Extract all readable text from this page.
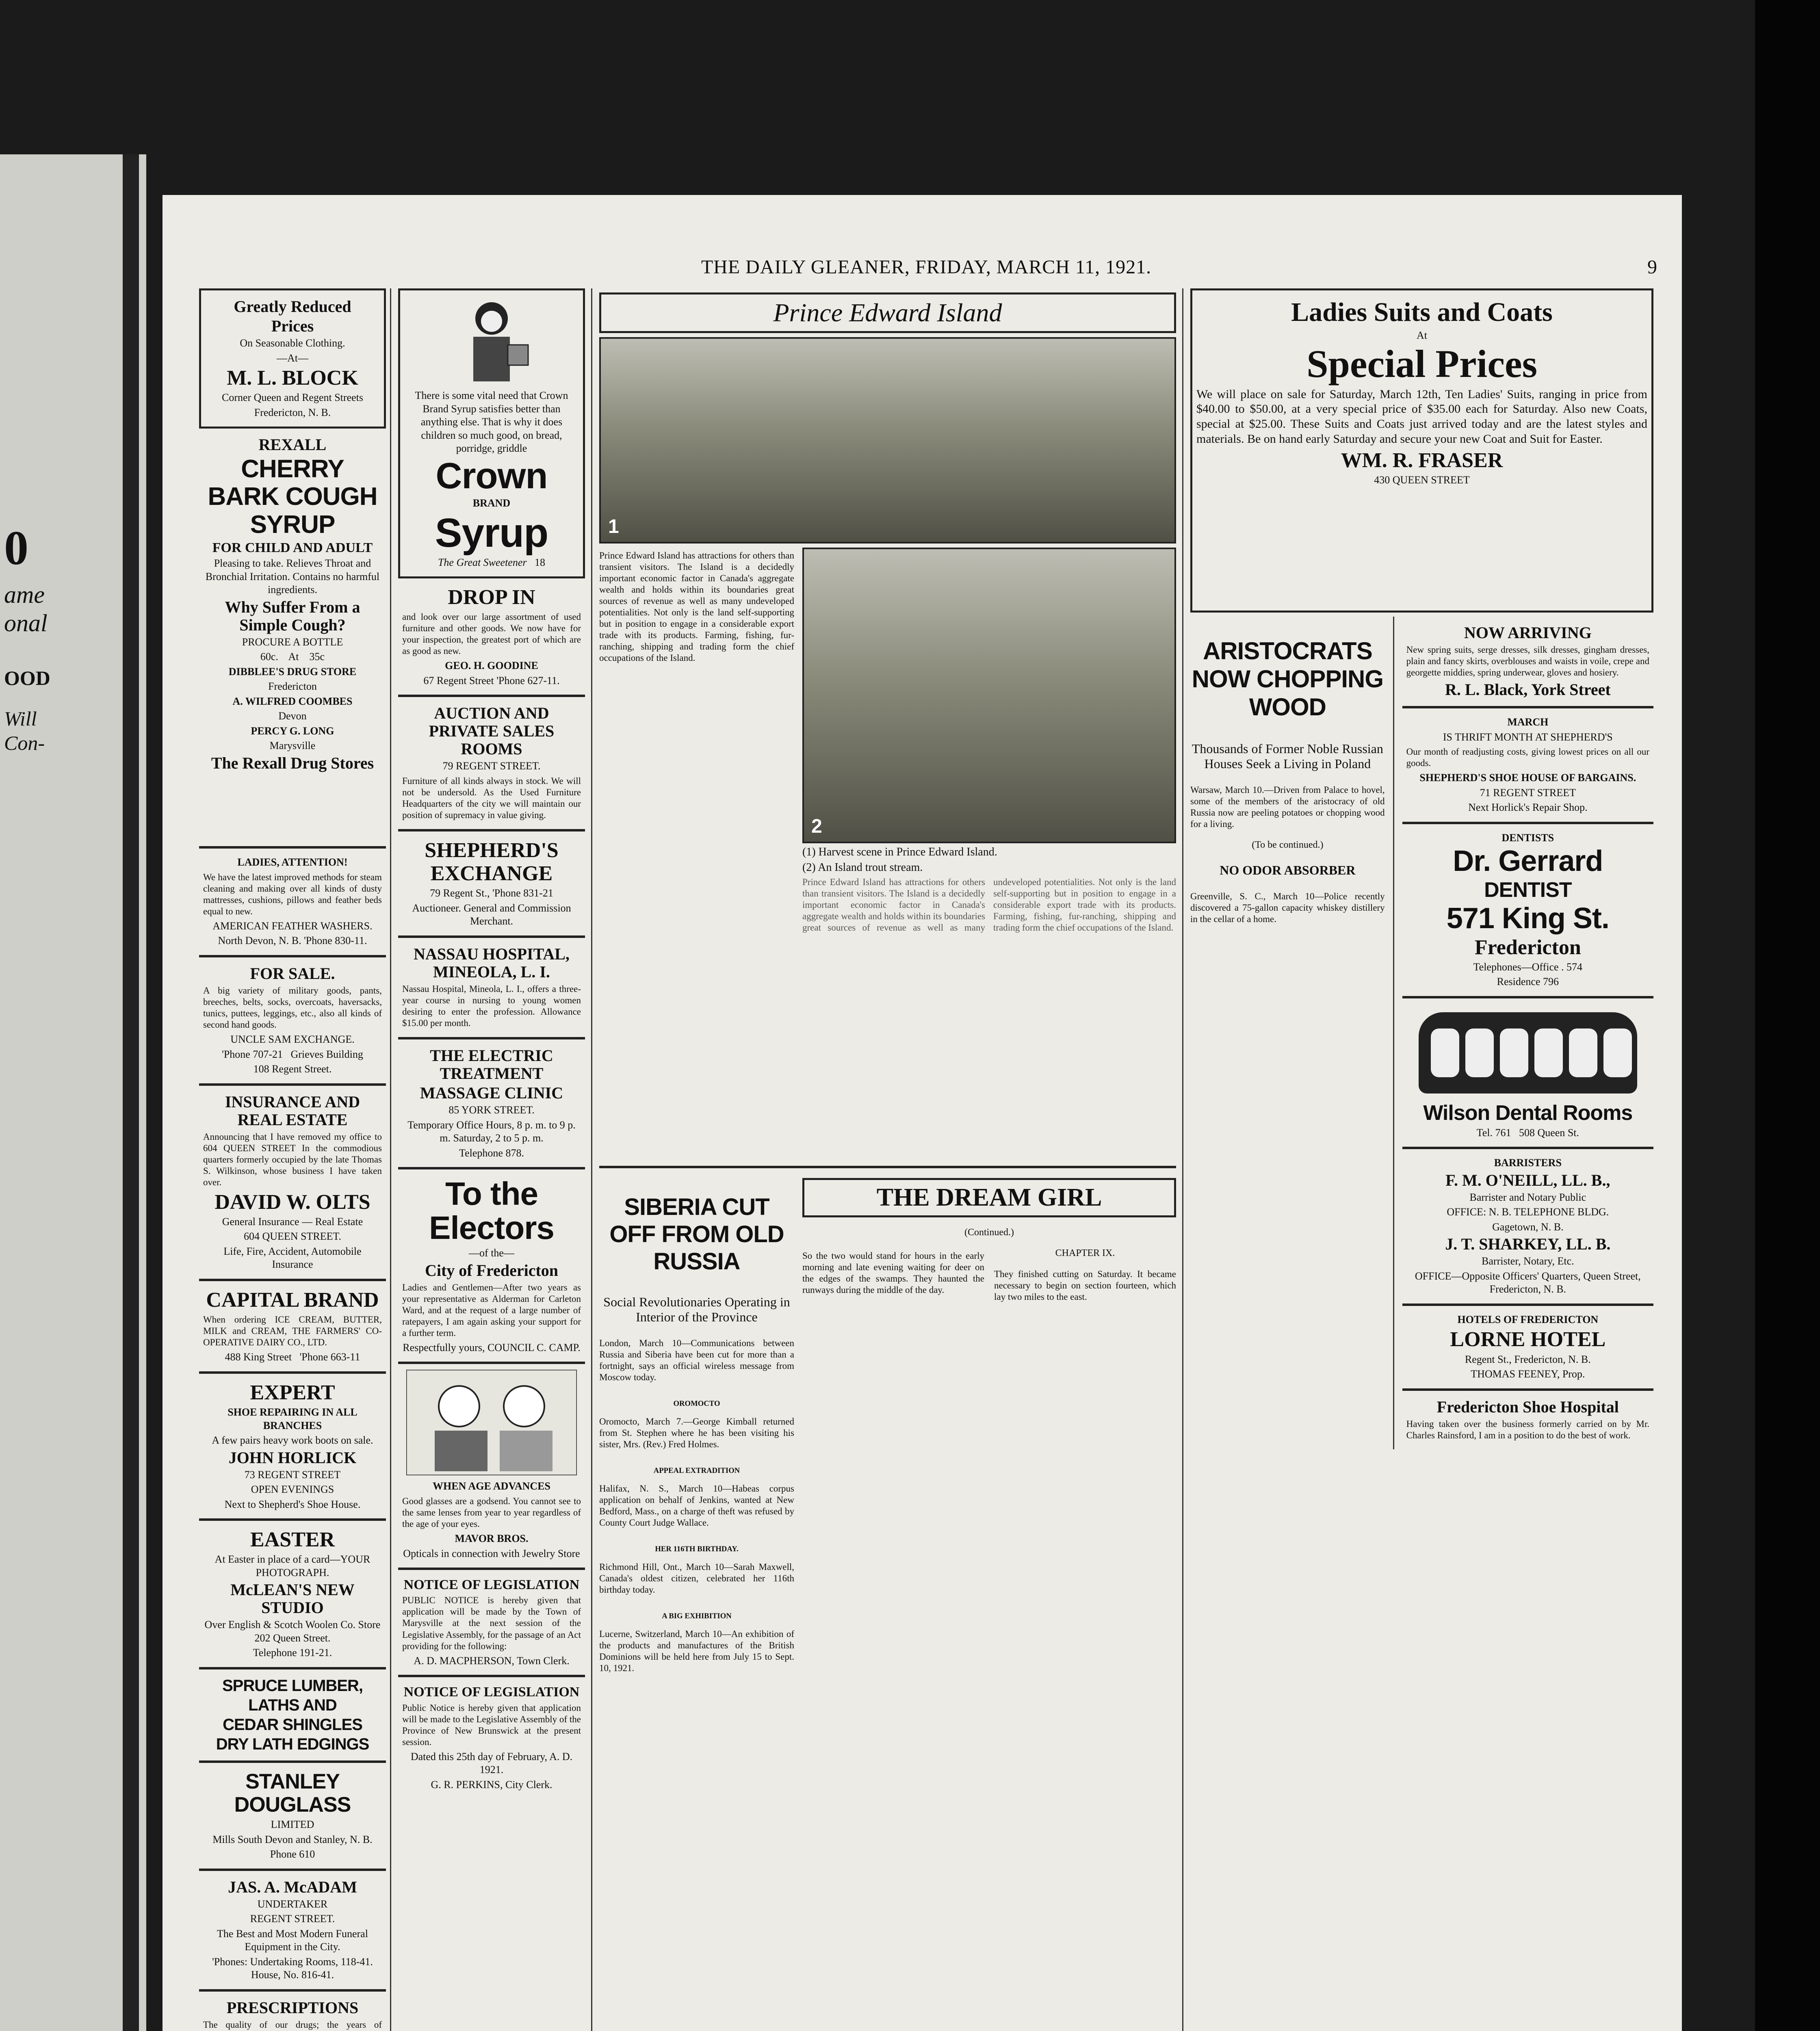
0
ame
onal
OOD
Will
Con-
THE DAILY GLEANER, FRIDAY, MARCH 11, 1921.	9
Greatly Reduced
Prices

On Seasonable Clothing.

—At—

M. L. BLOCK

Corner Queen and Regent Streets

Fredericton, N. B.

REXALL
CHERRY BARK COUGH SYRUP
FOR CHILD AND ADULT

Pleasing to take. Relieves Throat and Bronchial Irritation. Contains no harmful ingredients.

Why Suffer From a Simple Cough?

PROCURE A BOTTLE

60c. At 35c

DIBBLEE'S DRUG STORE

Fredericton

A. WILFRED COOMBES

Devon

PERCY G. LONG

Marysville

The Rexall Drug Stores

LADIES, ATTENTION!

We have the latest improved methods for steam cleaning and making over all kinds of dusty mattresses, cushions, pillows and feather beds equal to new.

AMERICAN FEATHER WASHERS.

North Devon, N. B. 'Phone 830-11.

FOR SALE.
A big variety of military goods, pants, breeches, belts, socks, overcoats, haversacks, tunics, puttees, leggings, etc., also all kinds of second hand goods.

UNCLE SAM EXCHANGE.

'Phone 707-21 Grieves Building

108 Regent Street.

INSURANCE AND REAL ESTATE
Announcing that I have removed my office to 604 QUEEN STREET In the commodious quarters formerly occupied by the late Thomas S. Wilkinson, whose business I have taken over.
DAVID W. OLTS

General Insurance — Real Estate

604 QUEEN STREET.

Life, Fire, Accident, Automobile Insurance

CAPITAL BRAND
When ordering ICE CREAM, BUTTER, MILK and CREAM, THE FARMERS' CO-OPERATIVE DAIRY CO., LTD.

488 King Street 'Phone 663-11

EXPERT

SHOE REPAIRING IN ALL BRANCHES

A few pairs heavy work boots on sale.

JOHN HORLICK

73 REGENT STREET

OPEN EVENINGS

Next to Shepherd's Shoe House.

EASTER

At Easter in place of a card—YOUR PHOTOGRAPH.

McLEAN'S NEW STUDIO

Over English & Scotch Woolen Co. Store 202 Queen Street.

Telephone 191-21.

SPRUCE LUMBER,
LATHS AND
CEDAR SHINGLES
DRY LATH EDGINGS
STANLEY DOUGLASS

LIMITED

Mills South Devon and Stanley, N. B.

Phone 610

JAS. A. McADAM

UNDERTAKER

REGENT STREET.

The Best and Most Modern Funeral Equipment in the City.

'Phones: Undertaking Rooms, 118-41. House, No. 816-41.

PRESCRIPTIONS
The quality of our drugs; the years of

There is some vital need that Crown Brand Syrup satisfies better than anything else. That is why it does children so much good, on bread, porridge, griddle

Crown

BRAND

Syrup

The Great Sweetener 18

DROP IN
and look over our large assortment of used furniture and other goods. We now have for your inspection, the greatest port of which are as good as new.

GEO. H. GOODINE

67 Regent Street 'Phone 627-11.

AUCTION AND PRIVATE SALES ROOMS

79 REGENT STREET.

Furniture of all kinds always in stock. We will not be undersold. As the Used Furniture Headquarters of the city we will maintain our position of supremacy in value giving.
SHEPHERD'S EXCHANGE

79 Regent St., 'Phone 831-21

Auctioneer. General and Commission Merchant.

NASSAU HOSPITAL, MINEOLA, L. I.
Nassau Hospital, Mineola, L. I., offers a three-year course in nursing to young women desiring to enter the profession. Allowance $15.00 per month.
THE ELECTRIC TREATMENT
MASSAGE CLINIC

85 YORK STREET.

Temporary Office Hours, 8 p. m. to 9 p. m. Saturday, 2 to 5 p. m.

Telephone 878.

To the Electors

—of the—

City of Fredericton
Ladies and Gentlemen—After two years as your representative as Alderman for Carleton Ward, and at the request of a large number of ratepayers, I am again asking your support for a further term.

Respectfully yours, COUNCIL C. CAMP.

WHEN AGE ADVANCES

Good glasses are a godsend. You cannot see to the same lenses from year to year regardless of the age of your eyes.

MAVOR BROS.

Opticals in connection with Jewelry Store

NOTICE OF LEGISLATION
PUBLIC NOTICE is hereby given that application will be made by the Town of Marysville at the next session of the Legislative Assembly, for the passage of an Act providing for the following:

A. D. MACPHERSON, Town Clerk.

NOTICE OF LEGISLATION
Public Notice is hereby given that application will be made to the Legislative Assembly of the Province of New Brunswick at the present session.

Dated this 25th day of February, A. D. 1921.

G. R. PERKINS, City Clerk.

Prince Edward Island
1
Prince Edward Island has attractions for others than transient visitors. The Island is a decidedly important economic factor in Canada's aggregate wealth and holds within its boundaries great sources of revenue as well as many undeveloped potentialities. Not only is the land self-supporting but in position to engage in a considerable export trade with its products. Farming, fishing, fur-ranching, shipping and trading form the chief occupations of the Island.
2

(1) Harvest scene in Prince Edward Island.

(2) An Island trout stream.

Prince Edward Island has attractions for others than transient visitors. The Island is a decidedly important economic factor in Canada's aggregate wealth and holds within its boundaries great sources of revenue as well as many undeveloped potentialities. Not only is the land self-supporting but in position to engage in a considerable export trade with its products. Farming, fishing, fur-ranching, shipping and trading form the chief occupations of the Island.
SIBERIA CUT OFF FROM OLD RUSSIA

Social Revolutionaries Operating in Interior of the Province

London, March 10—Communications between Russia and Siberia have been cut for more than a fortnight, says an official wireless message from Moscow today.
OROMOCTO
Oromocto, March 7.—George Kimball returned from St. Stephen where he has been visiting his sister, Mrs. (Rev.) Fred Holmes.
APPEAL EXTRADITION
Halifax, N. S., March 10—Habeas corpus application on behalf of Jenkins, wanted at New Bedford, Mass., on a charge of theft was refused by County Court Judge Wallace.
HER 116TH BIRTHDAY.
Richmond Hill, Ont., March 10—Sarah Maxwell, Canada's oldest citizen, celebrated her 116th birthday today.
A BIG EXHIBITION
Lucerne, Switzerland, March 10—An exhibition of the products and manufactures of the British Dominions will be held here from July 15 to Sept. 10, 1921.
THE DREAM GIRL

(Continued.)

So the two would stand for hours in the early morning and late evening waiting for deer on the edges of the swamps. They haunted the runways during the middle of the day.

CHAPTER IX.

They finished cutting on Saturday. It became necessary to begin on section fourteen, which lay two miles to the east.
Ladies Suits and Coats

At

Special Prices
We will place on sale for Saturday, March 12th, Ten Ladies' Suits, ranging in price from $40.00 to $50.00, at a very special price of $35.00 each for Saturday. Also new Coats, special at $25.00. These Suits and Coats just arrived today and are the latest styles and materials. Be on hand early Saturday and secure your new Coat and Suit for Easter.
WM. R. FRASER

430 QUEEN STREET

ARISTOCRATS NOW CHOPPING WOOD

Thousands of Former Noble Russian Houses Seek a Living in Poland

Warsaw, March 10.—Driven from Palace to hovel, some of the members of the aristocracy of old Russia now are peeling potatoes or chopping wood for a living.

(To be continued.)

NO ODOR ABSORBER
Greenville, S. C., March 10—Police recently discovered a 75-gallon capacity whiskey distillery in the cellar of a home.
NOW ARRIVING
New spring suits, serge dresses, silk dresses, gingham dresses, plain and fancy skirts, overblouses and waists in voile, crepe and georgette middies, spring underwear, gloves and hosiery.
R. L. Black, York Street

MARCH

IS THRIFT MONTH AT SHEPHERD'S

Our month of readjusting costs, giving lowest prices on all our goods.

SHEPHERD'S SHOE HOUSE OF BARGAINS.

71 REGENT STREET

Next Horlick's Repair Shop.

DENTISTS

Dr. Gerrard
DENTIST
571 King St.
Fredericton

Telephones—Office . 574

Residence 796

Wilson Dental Rooms

Tel. 761 508 Queen St.

BARRISTERS

F. M. O'NEILL, LL. B.,

Barrister and Notary Public

OFFICE: N. B. TELEPHONE BLDG.

Gagetown, N. B.

J. T. SHARKEY, LL. B.

Barrister, Notary, Etc.

OFFICE—Opposite Officers' Quarters, Queen Street, Fredericton, N. B.

HOTELS OF FREDERICTON

LORNE HOTEL

Regent St., Fredericton, N. B.

THOMAS FEENEY, Prop.

Fredericton Shoe Hospital
Having taken over the business formerly carried on by Mr. Charles Rainsford, I am in a position to do the best of work.
